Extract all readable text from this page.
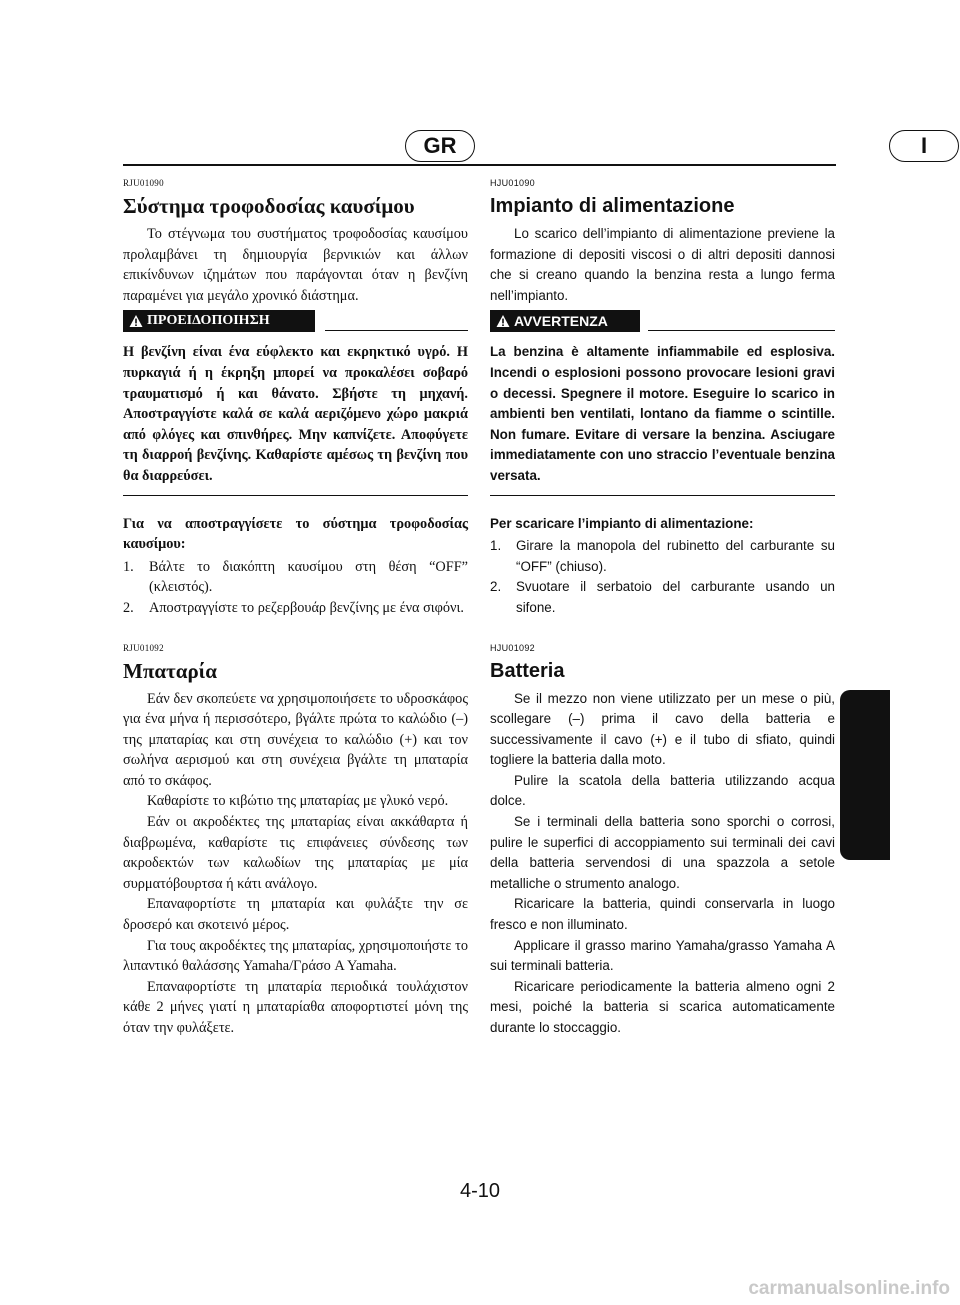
GR	I
RJU01090
Σύστημα τροφοδοσίας καυσίμου

Το στέγνωμα του συστήματος τροφοδοσίας καυσίμου προλαμβάνει τη δημιουργία βερνικιών και άλλων επικίνδυνων ιζημάτων που παράγονται όταν η βενζίνη παραμένει για μεγάλο χρονικό διάστημα.

ΠΡΟΕΙΔΟΠΟΙΗΣΗ

Η βενζίνη είναι ένα εύφλεκτο και εκρηκτικό υγρό. Η πυρκαγιά ή η έκρηξη μπορεί να προκαλέσει σοβαρό τραυματισμό ή και θάνατο. Σβήστε τη μηχανή. Αποστραγγίστε καλά σε καλά αεριζόμενο χώρο μακριά από φλόγες και σπινθήρες. Μην καπνίζετε. Αποφύγετε τη διαρροή βενζίνης. Καθαρίστε αμέσως τη βενζίνη που θα διαρρεύσει.

Για να αποστραγγίσετε το σύστημα τροφοδοσίας καυσίμου:

1. Βάλτε το διακόπτη καυσίμου στη θέση “OFF” (κλειστός).
2. Αποστραγγίστε το ρεζερβουάρ βενζίνης με ένα σιφόνι.
RJU01092
Μπαταρία

Εάν δεν σκοπεύετε να χρησιμοποιήσετε το υδροσκάφος για ένα μήνα ή περισσότερο, βγάλτε πρώτα το καλώδιο (–) της μπαταρίας και στη συνέχεια το καλώδιο (+) και τον σωλήνα αερισμού και στη συνέχεια βγάλτε τη μπαταρία από το σκάφος.

Καθαρίστε το κιβώτιο της μπαταρίας με γλυκό νερό.

Εάν οι ακροδέκτες της μπαταρίας είναι ακκάθαρτα ή διαβρωμένα, καθαρίστε τις επιφάνειες σύνδεσης των ακροδεκτών των καλωδίων της μπαταρίας με μία συρματόβουρτσα ή κάτι ανάλογο.

Επαναφορτίστε τη μπαταρία και φυλάξτε την σε δροσερό και σκοτεινό μέρος.

Για τους ακροδέκτες της μπαταρίας, χρησιμοποιήστε το λιπαντικό θαλάσσης Yamaha/Γράσο A Yamaha.

Επαναφορτίστε τη μπαταρία περιοδικά τουλάχιστον κάθε 2 μήνες γιατί η μπαταρίαθα αποφορτιστεί μόνη της όταν την φυλάξετε.

HJU01090
Impianto di alimentazione

Lo scarico dell’impianto di alimentazione previene la formazione di depositi viscosi o di altri depositi dannosi che si creano quando la benzina resta a lungo ferma nell’impianto.

AVVERTENZA

La benzina è altamente infiammabile ed esplosiva. Incendi o esplosioni possono provocare lesioni gravi o decessi. Spegnere il motore. Eseguire lo scarico in ambienti ben ventilati, lontano da fiamme o scintille. Non fumare. Evitare di versare la benzina. Asciugare immediatamente con uno straccio l’eventuale benzina versata.

Per scaricare l’impianto di alimentazione:

1. Girare la manopola del rubinetto del carburante su “OFF” (chiuso).
2. Svuotare il serbatoio del carburante usando un sifone.
HJU01092
Batteria

Se il mezzo non viene utilizzato per un mese o più, scollegare (–) prima il cavo della batteria e successivamente il cavo (+) e il tubo di sfiato, quindi togliere la batteria dalla moto.

Pulire la scatola della batteria utilizzando acqua dolce.

Se i terminali della batteria sono sporchi o corrosi, pulire le superfici di accoppiamento sui terminali dei cavi della batteria servendosi di una spazzola a setole metalliche o strumento analogo.

Ricaricare la batteria, quindi conservarla in luogo fresco e non illuminato.

Applicare il grasso marino Yamaha/grasso Yamaha A sui terminali batteria.

Ricaricare periodicamente la batteria almeno ogni 2 mesi, poiché la batteria si scarica automaticamente durante lo stoccaggio.

4-10
carmanualsonline.info
